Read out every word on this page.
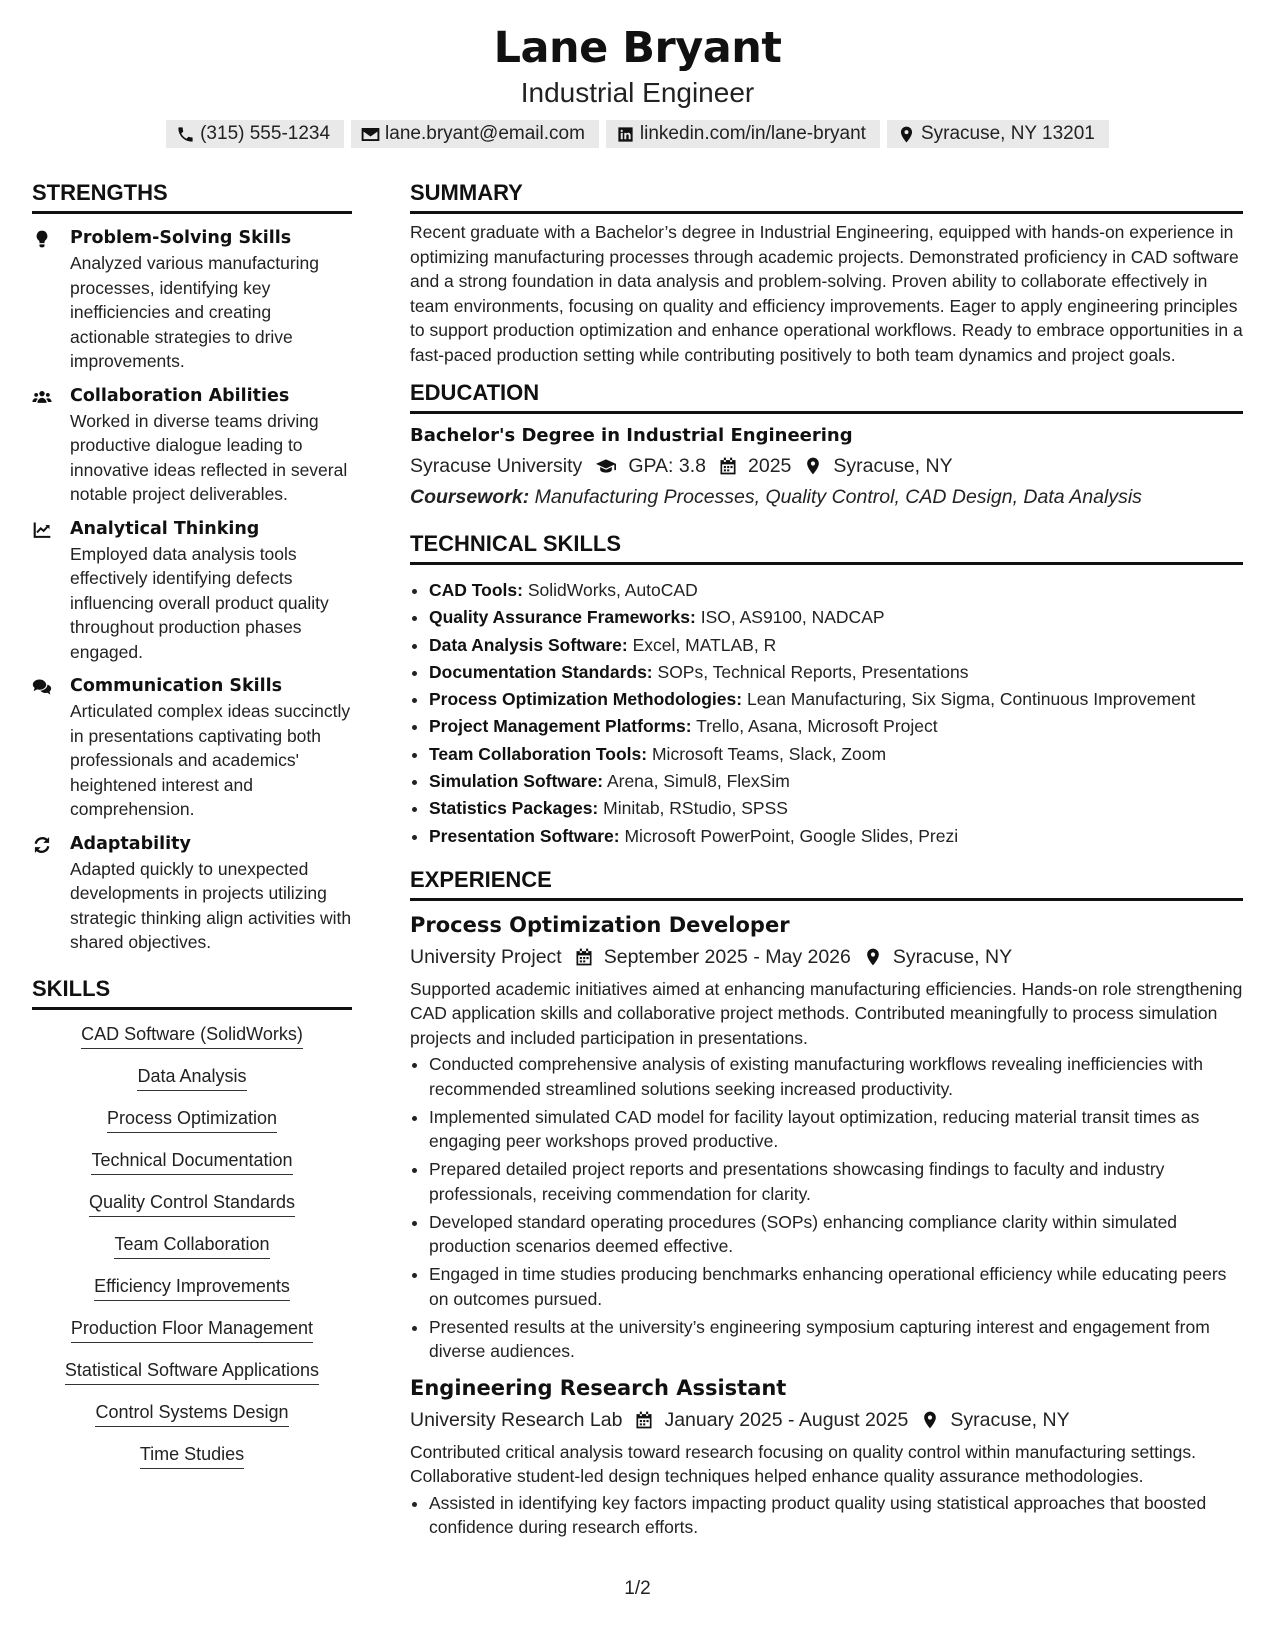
Lane Bryant
Industrial Engineer
(315) 555-1234	lane.bryant@email.com	linkedin.com/in/lane-bryant	Syracuse, NY 13201
STRENGTHS
Problem-Solving Skills
Analyzed various manufacturing processes, identifying key inefficiencies and creating actionable strategies to drive improvements.
Collaboration Abilities
Worked in diverse teams driving productive dialogue leading to innovative ideas reflected in several notable project deliverables.
Analytical Thinking
Employed data analysis tools effectively identifying defects influencing overall product quality throughout production phases engaged.
Communication Skills
Articulated complex ideas succinctly in presentations captivating both professionals and academics' heightened interest and comprehension.
Adaptability
Adapted quickly to unexpected developments in projects utilizing strategic thinking align activities with shared objectives.
SKILLS
CAD Software (SolidWorks)
Data Analysis
Process Optimization
Technical Documentation
Quality Control Standards
Team Collaboration
Efficiency Improvements
Production Floor Management
Statistical Software Applications
Control Systems Design
Time Studies
SUMMARY
Recent graduate with a Bachelor’s degree in Industrial Engineering, equipped with hands-on experience in optimizing manufacturing processes through academic projects. Demonstrated proficiency in CAD software and a strong foundation in data analysis and problem-solving. Proven ability to collaborate effectively in team environments, focusing on quality and efficiency improvements. Eager to apply engineering principles to support production optimization and enhance operational workflows. Ready to embrace opportunities in a fast-paced production setting while contributing positively to both team dynamics and project goals.
EDUCATION
Bachelor's Degree in Industrial Engineering
Syracuse University GPA: 3.8 2025 Syracuse, NY
Coursework: Manufacturing Processes, Quality Control, CAD Design, Data Analysis
TECHNICAL SKILLS
• CAD Tools: SolidWorks, AutoCAD
• Quality Assurance Frameworks: ISO, AS9100, NADCAP
• Data Analysis Software: Excel, MATLAB, R
• Documentation Standards: SOPs, Technical Reports, Presentations
• Process Optimization Methodologies: Lean Manufacturing, Six Sigma, Continuous Improvement
• Project Management Platforms: Trello, Asana, Microsoft Project
• Team Collaboration Tools: Microsoft Teams, Slack, Zoom
• Simulation Software: Arena, Simul8, FlexSim
• Statistics Packages: Minitab, RStudio, SPSS
• Presentation Software: Microsoft PowerPoint, Google Slides, Prezi
EXPERIENCE
Process Optimization Developer
University Project September 2025 - May 2026 Syracuse, NY
Supported academic initiatives aimed at enhancing manufacturing efficiencies. Hands-on role strengthening CAD application skills and collaborative project methods. Contributed meaningfully to process simulation projects and included participation in presentations.
• Conducted comprehensive analysis of existing manufacturing workflows revealing inefficiencies with recommended streamlined solutions seeking increased productivity.
• Implemented simulated CAD model for facility layout optimization, reducing material transit times as engaging peer workshops proved productive.
• Prepared detailed project reports and presentations showcasing findings to faculty and industry professionals, receiving commendation for clarity.
• Developed standard operating procedures (SOPs) enhancing compliance clarity within simulated production scenarios deemed effective.
• Engaged in time studies producing benchmarks enhancing operational efficiency while educating peers on outcomes pursued.
• Presented results at the university’s engineering symposium capturing interest and engagement from diverse audiences.
Engineering Research Assistant
University Research Lab January 2025 - August 2025 Syracuse, NY
Contributed critical analysis toward research focusing on quality control within manufacturing settings. Collaborative student-led design techniques helped enhance quality assurance methodologies.
• Assisted in identifying key factors impacting product quality using statistical approaches that boosted confidence during research efforts.
1/2
